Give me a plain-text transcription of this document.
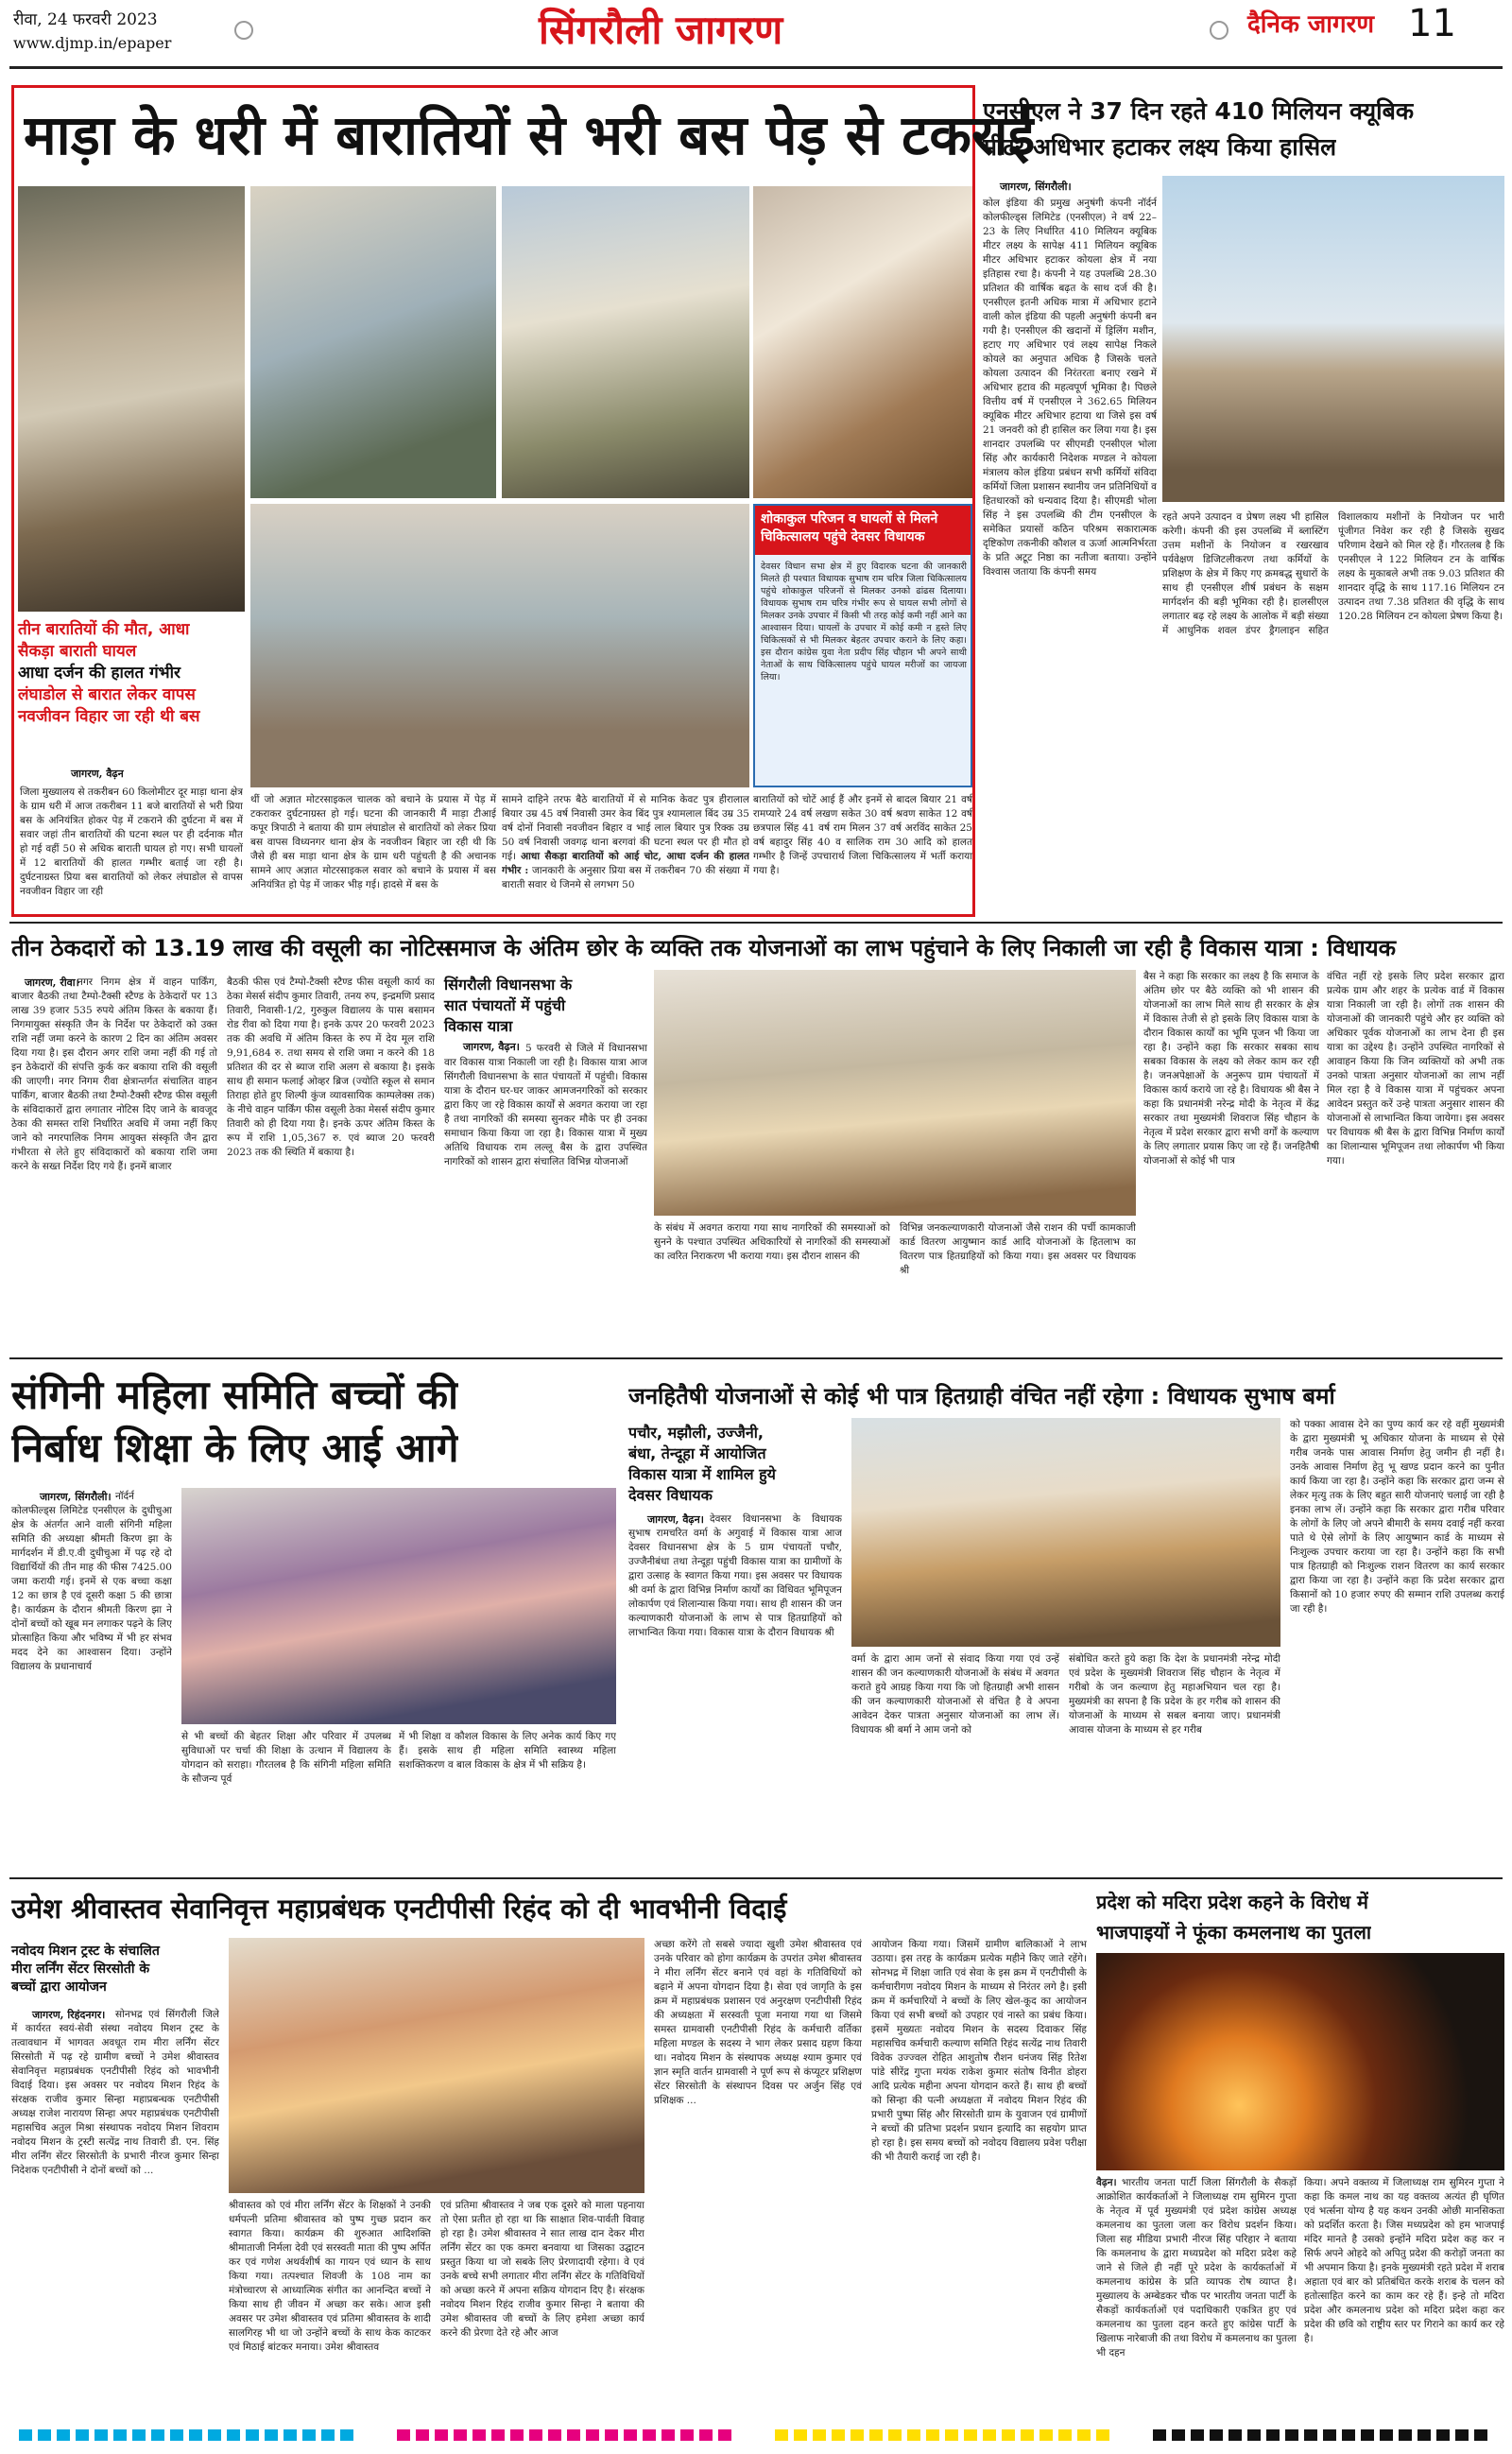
रीवा, 24 फरवरी 2023
www.djmp.in/epaper	सिंगरौली जागरण	दैनिक जागरण 11
माड़ा के धरी में बारातियों से भरी बस पेड़ से टकराई
शोकाकुल परिजन व घायलों से मिलने
चिकित्सालय पहुंचे देवसर विधायक
देवसर विधान सभा क्षेत्र में हुए विदारक घटना की जानकारी मिलते ही पश्चात विधायक सुभाष राम चरित्र जिला चिकित्सालय पहुंचे शोकाकुल परिजनों से मिलकर उनको ढांढस दिलाया। विधायक सुभाष राम चरित्र गंभीर रूप से घायल सभी लोगों से मिलकर उनके उपचार में किसी भी तरह कोई कमी नहीं आने का आश्वासन दिया। घायलों के उपचार में कोई कमी न हृस्ते लिए चिकित्सकों से भी मिलकर बेहतर उपचार कराने के लिए कहा। इस दौरान कांग्रेस युवा नेता प्रदीप सिंह चौहान भी अपने साथी नेताओं के साथ चिकित्सालय पहुंचे घायल मरीजों का जायजा लिया।
तीन बारातियों की मौत, आधा
सैकड़ा बाराती घायल
आधा दर्जन की हालत गंभीर
लंघाडोल से बारात लेकर वापस
नवजीवन विहार जा रही थी बस
जागरण, वैढ़न
जिला मुख्यालय से तकरीबन 60 किलोमीटर दूर माड़ा थाना क्षेत्र के ग्राम धरी में आज तकरीबन 11 बजे बारातियों से भरी प्रिया बस के अनियंत्रित होकर पेड़ में टकराने की दुर्घटना में बस में सवार जहां तीन बारातियों की घटना स्थल पर ही दर्दनाक मौत हो गई वहीं 50 से अधिक बाराती घायल हो गए। सभी घायलों में 12 बारातियों की हालत गम्भीर बताई जा रही है। दुर्घटनाग्रस्त प्रिया बस बारातियों को लेकर लंघाडोल से वापस नवजीवन विहार जा रही
थीं जो अज्ञात मोटरसाइकल चालक को बचाने के प्रयास में पेड़ में टकराकर दुर्घटनाग्रस्त हो गई। घटना की जानकारी मैं माड़ा टीआई कपूर त्रिपाठी ने बताया की ग्राम लंघाडोल से बारातियों को लेकर प्रिया बस वापस विध्यनगर थाना क्षेत्र के नवजीवन बिहार जा रही थी कि जैसे ही बस माड़ा थाना क्षेत्र के ग्राम धरी पहुंचती है की अचानक सामने आए अज्ञात मोटरसाइकल सवार को बचाने के प्रयास में बस अनियंत्रित हो पेड़ में जाकर भीड़ गई। हादसे में बस के
सामने दाहिने तरफ बैठे बारातियों में से मानिक केवट पुत्र हीरालाल बियार उम्र 45 वर्ष निवासी उमर केव बिंद पुत्र श्यामलाल बिंद उम्र 35 वर्ष दोनों निवासी नवजीवन बिहार व भाई लाल बियार पुत्र रिक्क उम्र 50 वर्ष निवासी जवगढ़ थाना बरगवां की घटना स्थल पर ही मौत हो गई। आधा सैकड़ा बारातियों को आई चोट, आधा दर्जन की हालत गंभीर : जानकारी के अनुसार प्रिया बस में तकरीबन 70 की संख्या में बाराती सवार थे जिनमे से लगभग 50
बारातियों को चोटें आई हैं और इनमें से बादल बियार 21 वर्ष रामप्यारे 24 वर्ष लखण सकेत 30 वर्ष श्रवण साकेत 12 वर्ष छत्रपाल सिंह 41 वर्ष राम मिलन 37 वर्ष अरविंद साकेत 25 वर्ष बहादुर सिंह 40 व सालिक राम 30 आदि को हालत गम्भीर है जिन्हें उपचारार्थ जिला चिकित्सालय में भर्ती कराया गया है।
एनसीएल ने 37 दिन रहते 410 मिलियन क्यूबिक
मीटर अधिभार हटाकर लक्ष्य किया हासिल
जागरण, सिंगरौली।
कोल इंडिया की प्रमुख अनुषंगी कंपनी नॉर्दर्न कोलफील्ड्स लिमिटेड (एनसीएल) ने वर्ष 22–23 के लिए निर्धारित 410 मिलियन क्यूबिक मीटर लक्ष्य के सापेक्ष 411 मिलियन क्यूबिक मीटर अधिभार हटाकर कोयला क्षेत्र में नया इतिहास रचा है। कंपनी ने यह उपलब्धि 28.30 प्रतिशत की वार्षिक बढ़त के साथ दर्ज की है। एनसीएल इतनी अधिक मात्रा में अधिभार हटाने वाली कोल इंडिया की पहली अनुषंगी कंपनी बन गयी है। एनसीएल की खदानों में ड्रिलिंग मशीन, हटाए गए अधिभार एवं लक्ष्य सापेक्ष निकले कोयले का अनुपात अधिक है जिसके चलते कोयला उत्पादन की निरंतरता बनाए रखने में अधिभार हटाव की महत्वपूर्ण भूमिका है। पिछले वित्तीय वर्ष में एनसीएल ने 362.65 मिलियन क्यूबिक मीटर अधिभार हटाया था जिसे इस वर्ष 21 जनवरी को ही हासिल कर लिया गया है। इस शानदार उपलब्धि पर सीएमडी एनसीएल भोला सिंह और कार्यकारी निदेशक मण्डल ने कोयला मंत्रालय कोल इंडिया प्रबंधन सभी कर्मियों संविदा कर्मियों जिला प्रशासन स्थानीय जन प्रतिनिधियों व हितधारकों को धन्यवाद दिया है। सीएमडी भोला सिंह ने इस उपलब्धि की टीम एनसीएल के समेकित प्रयासों कठिन परिश्रम सकारात्मक दृष्टिकोण तकनीकी कौशल व ऊर्जा आत्मनिर्भरता के प्रति अटूट निष्ठा का नतीजा बताया। उन्होंने विश्वास जताया कि कंपनी समय
रहते अपने उत्पादन व प्रेषण लक्ष्य भी हासिल करेगी। कंपनी की इस उपलब्धि में ब्लास्टिंग उत्तम मशीनों के नियोजन व रखरखाव पर्यवेक्षण डिजिटलीकरण तथा कर्मियों के प्रशिक्षण के क्षेत्र में किए गए क्रमबद्ध सुधारों के साथ ही एनसीएल शीर्ष प्रबंधन के सक्षम मार्गदर्शन की बड़ी भूमिका रही है। हालसीएल लगातार बढ़ रहे लक्ष्य के आलोक में बड़ी संख्या में आधुनिक शवल डंपर ड्रैगलाइन सहित विशालकाय मशीनों के नियोजन पर भारी पूंजीगत निवेश कर रही है जिसके सुखद परिणाम देखने को मिल रहे हैं। गौरतलब है कि एनसीएल ने 122 मिलियन टन के वार्षिक लक्ष्य के मुकाबले अभी तक 9.03 प्रतिशत की शानदार वृद्धि के साथ 117.16 मिलियन टन उत्पादन तथा 7.38 प्रतिशत की वृद्धि के साथ 120.28 मिलियन टन कोयला प्रेषण किया है।
तीन ठेकदारों को 13.19 लाख की वसूली का नोटिस
जागरण, रीवा।
नगर निगम क्षेत्र में वाहन पार्किंग, बाजार बैठकी तथा टैम्पो-टैक्सी स्टैण्ड के ठेकेदारों पर 13 लाख 39 हजार 535 रुपये अंतिम किस्त के बकाया हैं। निगमायुक्त संस्कृति जैन के निर्देश पर ठेकेदारों को उक्त राशि नहीं जमा करने के कारण 2 दिन का अंतिम अवसर दिया गया है। इस दौरान अगर राशि जमा नहीं की गई तो इन ठेकेदारों की संपत्ति कुर्क कर बकाया राशि की वसूली की जाएगी। नगर निगम रीवा क्षेत्रान्तर्गत संचालित वाहन पार्किंग, बाजार बैठकी तथा टैम्पो-टैक्सी स्टैण्ड फीस वसूली के संविदाकारों द्वारा लगातार नोटिस दिए जाने के बावजूद ठेका की समस्त राशि निर्धारित अवधि में जमा नहीं किए जाने को नगरपालिक निगम आयुक्त संस्कृति जैन द्वारा गंभीरता से लेते हुए संविदाकारों को बकाया राशि जमा करने के सख्त निर्देश दिए गये हैं। इनमें बाजार
बैठकी फीस एवं टैम्पो-टैक्सी स्टैण्ड फीस वसूली कार्य का ठेका मेसर्स संदीप कुमार तिवारी, तनय रुप, इन्द्रमणि प्रसाद तिवारी, निवासी-1/2, गुरुकुल विद्यालय के पास बसामन रोड रीवा को दिया गया है। इनके ऊपर 20 फरवरी 2023 तक की अवधि में अंतिम किस्त के रुप में देय मूल राशि 9,91,684 रु. तथा समय से राशि जमा न करने की 18 प्रतिशत की दर से ब्याज राशि अलग से बकाया है। इसके साथ ही समान फलाई ओव्हर ब्रिज (ज्योति स्कूल से समान तिराहा होते हुए शिल्पी कुंज व्यावसायिक काम्पलेक्स तक) के नीचे वाहन पार्किंग फीस वसूली ठेका मेसर्स संदीप कुमार तिवारी को ही दिया गया है। इनके ऊपर अंतिम किस्त के रूप में राशि 1,05,367 रु. एवं ब्याज 20 फरवरी 2023 तक की स्थिति में बकाया है।
समाज के अंतिम छोर के व्यक्ति तक योजनाओं का लाभ पहुंचाने के लिए निकाली जा रही है विकास यात्रा : विधायक
सिंगरौली विधानसभा के
सात पंचायतों में पहुंची
विकास यात्रा
जागरण, वैढ़न। 5 फरवरी से जिले में विधानसभा वार विकास यात्रा निकाली जा रही है। विकास यात्रा आज सिंगरौली विधानसभा के सात पंचायतों में पहुंची। विकास यात्रा के दौरान घर-घर जाकर आमजनगरिकों को सरकार द्वारा किए जा रहे विकास कार्यों से अवगत कराया जा रहा है तथा नागरिकों की समस्या सुनकर मौके पर ही उनका समाधान किया किया जा रहा है। विकास यात्रा में मुख्य अतिथि विधायक राम लल्लू बैस के द्वारा उपस्थित नागरिकों को शासन द्वारा संचालित विभिन्न योजनाओं
के संबंध में अवगत कराया गया साथ नागरिकों की समस्याओं को सुनने के पश्चात उपस्थित अधिकारियों से नागरिकों की समस्याओं का त्वरित निराकरण भी कराया गया। इस दौरान शासन की
विभिन्न जनकल्याणकारी योजनाओं जैसे राशन की पर्ची कामकाजी कार्ड वितरण आयुष्मान कार्ड आदि योजनाओं के हितलाभ का वितरण पात्र हितग्राहियों को किया गया। इस अवसर पर विधायक श्री
बैस ने कहा कि सरकार का लक्ष्य है कि समाज के अंतिम छोर पर बैठे व्यक्ति को भी शासन की योजनाओं का लाभ मिले साथ ही सरकार के क्षेत्र में विकास तेजी से हो इसके लिए विकास यात्रा के दौरान विकास कार्यों का भूमि पूजन भी किया जा रहा है। उन्होंने कहा कि सरकार सबका साथ सबका विकास के लक्ष्य को लेकर काम कर रही है। जनअपेक्षाओं के अनुरूप ग्राम पंचायतों में विकास कार्य कराये जा रहे है। विधायक श्री बैस ने कहा कि प्रधानमंत्री नरेन्द्र मोदी के नेतृत्व में केंद्र सरकार तथा मुख्यमंत्री शिवराज सिंह चौहान के नेतृत्व में प्रदेश सरकार द्वारा सभी वर्गों के कल्याण के लिए लगातार प्रयास किए जा रहे हैं। जनहितैषी योजनाओं से कोई भी पात्र
वंचित नहीं रहे इसके लिए प्रदेश सरकार द्वारा प्रत्येक ग्राम और शहर के प्रत्येक वार्ड में विकास यात्रा निकाली जा रही है। लोगों तक शासन की योजनाओं की जानकारी पहुंचे और हर व्यक्ति को अधिकार पूर्वक योजनाओं का लाभ देना ही इस यात्रा का उद्देश्य है। उन्होंने उपस्थित नागरिकों से आवाहन किया कि जिन व्यक्तियों को अभी तक उनको पात्रता अनुसार योजनाओं का लाभ नहीं मिल रहा है वे विकास यात्रा में पहुंचकर अपना आवेदन प्रस्तुत करें उन्हे पात्रता अनुसार शासन की योजनाओं से लाभान्वित किया जायेगा। इस अवसर पर विधायक श्री बैस के द्वारा विभिन्न निर्माण कार्यों का शिलान्यास भूमिपूजन तथा लोकार्पण भी किया गया।
संगिनी महिला समिति बच्चों की
निर्बाध शिक्षा के लिए आई आगे
जागरण, सिंगरौली। नॉर्दर्न कोलफील्ड्स लिमिटेड एनसीएल के दुधीचुआ क्षेत्र के अंतर्गत आने वाली संगिनी महिला समिति की अध्यक्षा श्रीमती किरण झा के मार्गदर्शन में डी.ए.वी दुधीचुआ में पढ़ रहे दो विद्यार्थियों की तीन माह की फीस 7425.00 जमा करायी गई। इनमें से एक बच्चा कक्षा 12 का छात्र है एवं दूसरी कक्षा 5 की छात्रा है। कार्यक्रम के दौरान श्रीमती किरण झा ने दोनों बच्चों को खूब मन लगाकर पढ़ने के लिए प्रोत्साहित किया और भविष्य में भी हर संभव मदद देने का आश्वासन दिया। उन्होंने विद्यालय के प्रधानाचार्य
से भी बच्चों की बेहतर शिक्षा और परिवार में उपलब्ध सुविधाओं पर चर्चा की शिक्षा के उत्थान में विद्यालय के योगदान को सराहा। गौरतलब है कि संगिनी महिला समिति के सौजन्य पूर्व
में भी शिक्षा व कौशल विकास के लिए अनेक कार्य किए गए हैं। इसके साथ ही महिला समिति स्वास्थ्य महिला सशक्तिकरण व बाल विकास के क्षेत्र में भी सक्रिय है।
जनहितैषी योजनाओं से कोई भी पात्र हितग्राही वंचित नहीं रहेगा : विधायक सुभाष बर्मा
पचौर, मझौली, उज्जैनी,
बंधा, तेन्दूहा में आयोजित
विकास यात्रा में शामिल हुये
देवसर विधायक
जागरण, वैढ़न। देवसर विधानसभा के विधायक सुभाष रामचरित वर्मा के अगुवाई में विकास यात्रा आज देवसर विधानसभा क्षेत्र के 5 ग्राम पंचायतों पचौर, उज्जैनीबंधा तथा तेन्दूहा पहुंची विकास यात्रा का ग्रामीणों के द्वारा उत्साह के स्वागत किया गया। इस अवसर पर विधायक श्री वर्मा के द्वारा विभिन्न निर्माण कार्यों का विधिवत भूमिपूजन लोकार्पण एवं शिलान्यास किया गया। साथ ही शासन की जन कल्याणकारी योजनाओं के लाभ से पात्र हितग्राहियों को लाभान्वित किया गया। विकास यात्रा के दौरान विधायक श्री
वर्मा के द्वारा आम जनों से संवाद किया गया एवं उन्हें शासन की जन कल्याणकारी योजनाओं के संबंध में अवगत कराते हुये आग्रह किया गया कि जो हितग्राही अभी शासन की जन कल्याणकारी योजनाओं से वंचित है वे अपना आवेदन देकर पात्रता अनुसार योजनाओं का लाभ लें। विधायक श्री बर्मा ने आम जनो को
संबोधित करते हुये कहा कि देश के प्रधानमंत्री नरेन्द्र मोदी एवं प्रदेश के मुख्यमंत्री शिवराज सिंह चौहान के नेतृत्व में गरीबो के जन कल्याण हेतु महाअभियान चल रहा है। मुख्यमंत्री का सपना है कि प्रदेश के हर गरीब को शासन की योजनाओं के माध्यम से सबल बनाया जाए। प्रधानमंत्री आवास योजना के माध्यम से हर गरीब
को पक्का आवास देने का पुण्य कार्य कर रहे वहीं मुख्यमंत्री के द्वारा मुख्यमंत्री भू अधिकार योजना के माध्यम से ऐसे गरीब जनके पास आवास निर्माण हेतु जमीन ही नहीं है। उनके आवास निर्माण हेतु भू खण्ड प्रदान करने का पुनीत कार्य किया जा रहा है। उन्होंने कहा कि सरकार द्वारा जन्म से लेकर मृत्यु तक के लिए बहुत सारी योजनाएं चलाई जा रही है इनका लाभ लें। उन्होंने कहा कि सरकार द्वारा गरीब परिवार के लोगों के लिए जो अपने बीमारी के समय दवाई नहीं करवा पाते थे ऐसे लोगों के लिए आयुष्मान कार्ड के माध्यम से निःशुल्क उपचार कराया जा रहा है। उन्होंने कहा कि सभी पात्र हितग्राही को निःशुल्क राशन वितरण का कार्य सरकार द्वारा किया जा रहा है। उन्होंने कहा कि प्रदेश सरकार द्वारा किसानों को 10 हजार रुपए की सम्मान राशि उपलब्ध कराई जा रही है।
उमेश श्रीवास्तव सेवानिवृत्त महाप्रबंधक एनटीपीसी रिहंद को दी भावभीनी विदाई
नवोदय मिशन ट्रस्ट के संचालित
मीरा लर्निंग सेंटर सिरसोती के
बच्चों द्वारा आयोजन
जागरण, रिहंदनगर।	सोनभद्र एवं सिंगरौली जिले में कार्यरत स्वयं-सेवी संस्था नवोदय मिशन ट्रस्ट के तत्वावधान में भागवत अवधूत राम मीरा लर्निंग सेंटर सिरसोती में पढ़ रहे ग्रामीण बच्चों ने उमेश श्रीवास्तव सेवानिवृत्त महाप्रबंधक एनटीपीसी रिहंद को भावभीनी विदाई दिया। इस अवसर पर नवोदय मिशन रिहंद के संरक्षक राजीव कुमार सिन्हा महाप्रबन्धक एनटीपीसी अध्यक्ष राजेश नारायण सिन्हा अपर महाप्रबंधक एनटीपीसी महासचिव अतुल मिश्रा संस्थापक नवोदय मिशन शिवराम नवोदय मिशन के ट्रस्टी सत्येंद्र नाथ तिवारी डी. एन. सिंह मीरा लर्निंग सेंटर सिरसोती के प्रभारी नीरज कुमार सिन्हा निदेशक एनटीपीसी ने दोनों बच्चों को ...
श्रीवास्तव को एवं मीरा लर्निंग सेंटर के शिक्षकों ने उनकी धर्मपत्नी प्रतिमा श्रीवास्तव को पुष्प गुच्छ प्रदान कर स्वागत किया। कार्यक्रम की शुरुआत आदिशक्ति श्रीमाताजी निर्मला देवी एवं सरस्वती माता की पुष्प अर्पित कर एवं गणेश अथर्वशीर्ष का गायन एवं ध्यान के साथ किया गया। तत्पश्चात शिवजी के 108 नाम का मंत्रोच्चारण से आध्यात्मिक संगीत का आनन्दित बच्चों ने किया साथ ही जीवन में अच्छा कर सके। आज इसी अवसर पर उमेश श्रीवास्तव एवं प्रतिमा श्रीवास्तव के शादी सालगिरह भी था जो उन्होंने बच्चों के साथ केक काटकर एवं मिठाई बांटकर मनाया। उमेश श्रीवास्तव
एवं प्रतिमा श्रीवास्तव ने जब एक दूसरे को माला पहनाया तो ऐसा प्रतीत हो रहा था कि साक्षात शिव-पार्वती विवाह हो रहा है। उमेश श्रीवास्तव ने सात लाख दान देकर मीरा लर्निंग सेंटर का एक कमरा बनवाया था जिसका उद्घाटन प्रस्तुत किया था जो सबके लिए प्रेरणादायी रहेगा। वे एवं उनके बच्चे सभी लगातार मीरा लर्निंग सेंटर के गतिविधियों को अच्छा करने में अपना सक्रिय योगदान दिए है। संरक्षक नवोदय मिशन रिहंद राजीव कुमार सिन्हा ने बताया की उमेश श्रीवास्तव जी बच्चों के लिए हमेशा अच्छा कार्य करने की प्रेरणा देते रहे और आज
अच्छा करेंगे तो सबसे ज्यादा खुशी उमेश श्रीवास्तव एवं उनके परिवार को होगा कार्यक्रम के उपरांत उमेश श्रीवास्तव ने मीरा लर्निंग सेंटर बनाने एवं वहां के गतिविधियों को बढ़ाने में अपना योगदान दिया है। सेवा एवं जागृति के इस क्रम में महाप्रबंधक प्रशासन एवं अनुरक्षण एनटीपीसी रिहंद की अध्यक्षता में सरस्वती पूजा मनाया गया था जिसमे समस्त ग्रामवासी एनटीपीसी रिहंद के कर्मचारी वर्तिका महिला मण्डल के सदस्य ने भाग लेकर प्रसाद ग्रहण किया था। नवोदय मिशन के संस्थापक अध्यक्ष श्याम कुमार एवं ज्ञान स्मृति वार्तन ग्रामवासी ने पूर्ण रूप से कंप्यूटर प्रशिक्षण सेंटर सिरसोती के संस्थापन दिवस पर अर्जुन सिंह एवं प्रशिक्षक ...
आयोजन किया गया। जिसमें ग्रामीण बालिकाओं ने लाभ उठाया। इस तरह के कार्यक्रम प्रत्येक महीने किए जाते रहेंगे। सोनभद्र में शिक्षा जाति एवं सेवा के इस क्रम में एनटीपीसी के कर्मचारीगण नवोदय मिशन के माध्यम से निरंतर लगे है। इसी क्रम में कर्मचारियों ने बच्चों के लिए खेल-कूद का आयोजन किया एवं सभी बच्चों को उपहार एवं नास्ते का प्रबंध किया। इसमें मुख्यतः नवोदय मिशन के सदस्य दिवाकर सिंह महासचिव कर्मचारी कल्याण समिति रिहंद सत्येंद्र नाथ तिवारी विवेक उज्ज्वल रोहित आशुतोष रौशन धनंजय सिंह रितेश पांडे सीरेंद्र गुप्ता मयंक राकेश कुमार संतोष विनीत डोहरा आदि प्रत्येक महीना अपना योगदान करते हैं। साथ ही बच्चों को सिन्हा की पत्नी अध्यक्षता में नवोदय मिशन रिहंद की प्रभारी पुष्पा सिंह और सिरसोती ग्राम के युवाजन एवं ग्रामीणों ने बच्चों की प्रतिभा प्रदर्शन प्रधान इत्यादि का सहयोग प्राप्त हो रहा है। इस समय बच्चों को नवोदय विद्यालय प्रवेश परीक्षा की भी तैयारी कराई जा रही है।
प्रदेश को मदिरा प्रदेश कहने के विरोध में
भाजपाइयों ने फूंका कमलनाथ का पुतला
वैढ़न। भारतीय जनता पार्टी जिला सिंगरौली के सैकड़ों आक्रोशित कार्यकर्ताओं ने जिलाध्यक्ष राम सुमिरन गुप्ता के नेतृत्व में पूर्व मुख्यमंत्री एवं प्रदेश कांग्रेस अध्यक्ष कमलनाथ का पुतला जला कर विरोध प्रदर्शन किया। जिला सह मीडिया प्रभारी नीरज सिंह परिहार ने बताया कि कमलनाथ के द्वारा मध्यप्रदेश को मदिरा प्रदेश कहे जाने से जिले ही नहीं पूरे प्रदेश के कार्यकर्ताओं में कमलनाथ कांग्रेस के प्रति व्यापक रोष व्याप्त है। मुख्यालय के अम्बेडकर चौक पर भारतीय जनता पार्टी के सैकड़ों कार्यकर्ताओं एवं पदाधिकारी एकत्रित हुए एवं कमलनाथ का पुतला दहन करते हुए कांग्रेस पार्टी के खिलाफ नारेबाजी की तथा विरोध में कमलनाथ का पुतला भी दहन
किया। अपने वक्तव्य में जिलाध्यक्ष राम सुमिरन गुप्ता ने कहा कि कमल नाथ का यह वक्तव्य अत्यंत ही घृणित एवं भर्त्सना योग्य है यह कथन उनकी ओछी मानसिकता को प्रदर्शित करता है। जिस मध्यप्रदेश को हम भाजपाई मंदिर मानते है उसको इन्होंने मदिरा प्रदेश कह कर न सिर्फ अपने ओहदे को अपितु प्रदेश की करोड़ों जनता का भी अपमान किया है। इनके मुख्यमंत्री रहते प्रदेश में शराब अहाता एवं बार को प्रतिबंधित करके शराब के चलन को हतोत्साहित करने का काम कर रहे हैं। इन्हे तो मदिरा प्रदेश और कमलनाथ प्रदेश को मदिरा प्रदेश कहा कर प्रदेश की छवि को राष्ट्रीय स्तर पर गिराने का कार्य कर रहे है।
